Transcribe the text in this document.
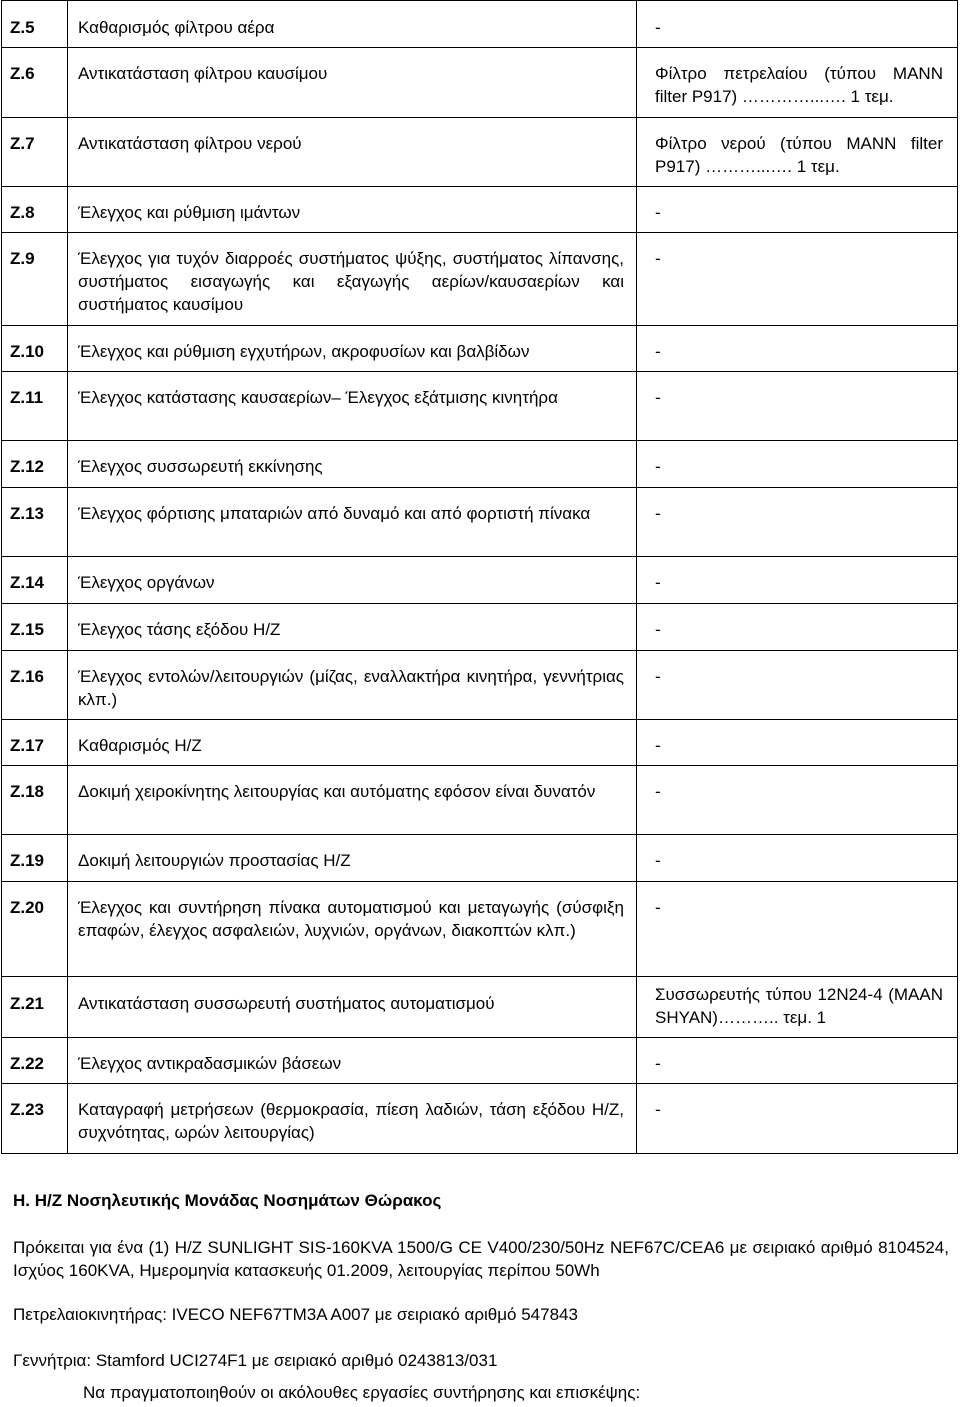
Z.5	Καθαρισμός φίλτρου αέρα	-
Z.6	Αντικατάσταση φίλτρου καυσίμου	Φίλτρο πετρελαίου (τύπου MANN filter P917) …………...…. 1 τεμ.
Z.7	Αντικατάσταση φίλτρου νερού	Φίλτρο νερού (τύπου MANN filter P917) ………...…. 1 τεμ.
Z.8	Έλεγχος και ρύθμιση ιμάντων	-
Z.9	Έλεγχος για τυχόν διαρροές συστήματος ψύξης, συστήματος λίπανσης, συστήματος εισαγωγής και εξαγωγής αερίων/καυσαερίων και συστήματος καυσίμου	-
Z.10	Έλεγχος και ρύθμιση εγχυτήρων, ακροφυσίων και βαλβίδων	-
Z.11	Έλεγχος κατάστασης καυσαερίων– Έλεγχος εξάτμισης κινητήρα	-
Z.12	Έλεγχος συσσωρευτή εκκίνησης	-
Z.13	Έλεγχος φόρτισης μπαταριών από δυναμό και από φορτιστή πίνακα	-
Z.14	Έλεγχος οργάνων	-
Z.15	Έλεγχος τάσης εξόδου Η/Ζ	-
Z.16	Έλεγχος εντολών/λειτουργιών (μίζας, εναλλακτήρα κινητήρα, γεννήτριας κλπ.)	-
Z.17	Καθαρισμός Η/Ζ	-
Z.18	Δοκιμή χειροκίνητης λειτουργίας και αυτόματης εφόσον είναι δυνατόν	-
Z.19	Δοκιμή λειτουργιών προστασίας Η/Ζ	-
Z.20	Έλεγχος και συντήρηση πίνακα αυτοματισμού και μεταγωγής (σύσφιξη επαφών, έλεγχος ασφαλειών, λυχνιών, οργάνων, διακοπτών κλπ.)	-
Z.21	Αντικατάσταση συσσωρευτή συστήματος αυτοματισμού	Συσσωρευτής τύπου 12N24-4 (MAAN SHYAN)……….. τεμ. 1
Z.22	Έλεγχος αντικραδασμικών βάσεων	-
Z.23	Καταγραφή μετρήσεων (θερμοκρασία, πίεση λαδιών, τάση εξόδου Η/Ζ, συχνότητας, ωρών λειτουργίας)	-
Η. Η/Ζ Νοσηλευτικής Μονάδας Νοσημάτων Θώρακος
Πρόκειται για ένα (1) Η/Ζ SUNLIGHT SIS-160KVA 1500/G CE V400/230/50Hz NEF67C/CEA6 με σειριακό αριθμό 8104524, Ισχύος 160KVA, Ημερομηνία κατασκευής 01.2009, λειτουργίας περίπου 50Wh
Πετρελαιοκινητήρας: IVECO NEF67TM3A A007 με σειριακό αριθμό 547843
Γεννήτρια: Stamford UCI274F1 με σειριακό αριθμό 0243813/031
Να πραγματοποιηθούν οι ακόλουθες εργασίες συντήρησης και επισκέψης:
